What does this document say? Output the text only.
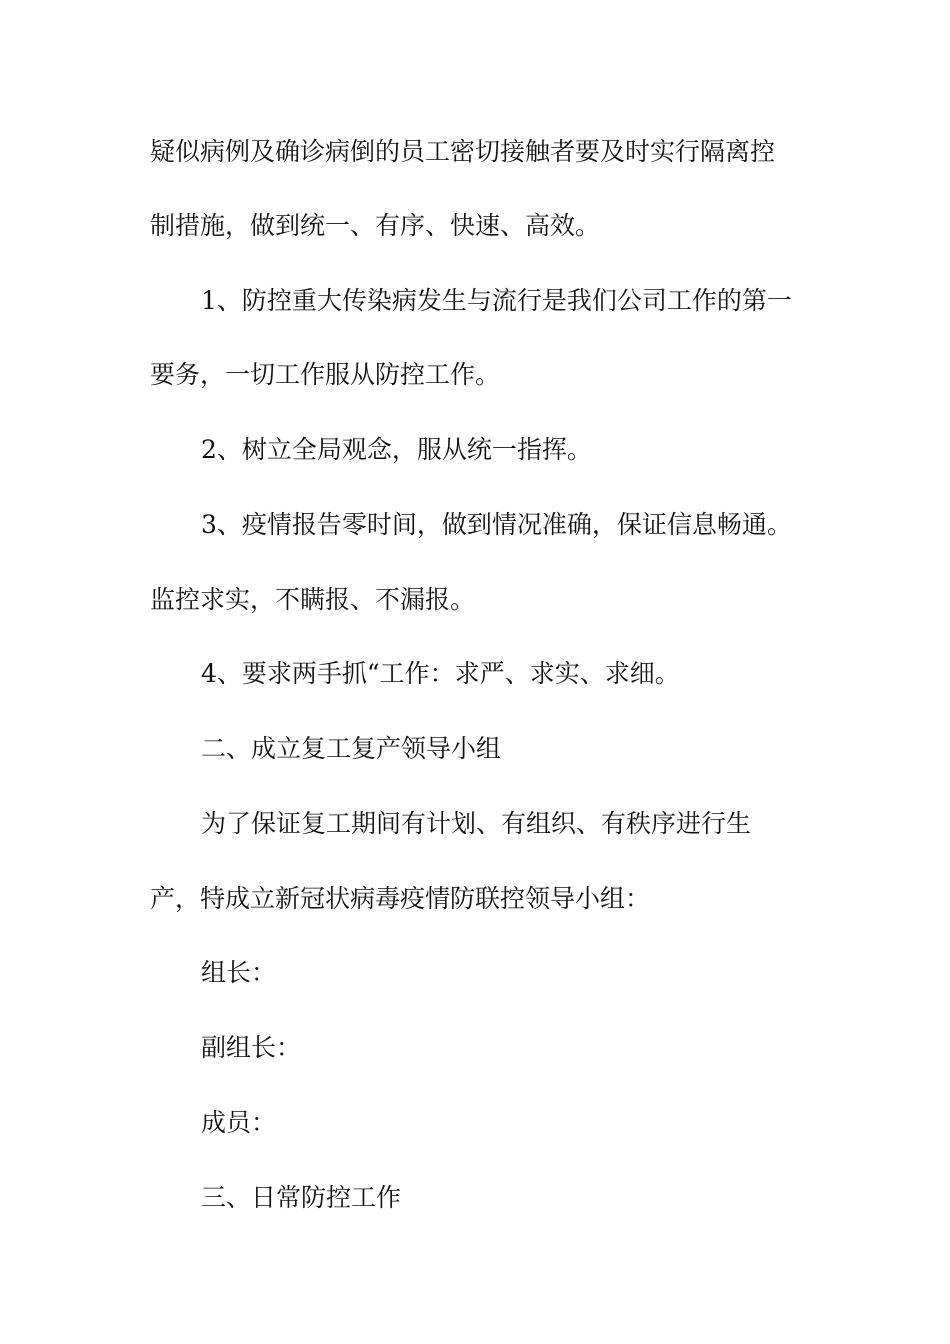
疑似病例及确诊病倒的员工密切接触者要及时实行隔离控

制措施，做到统一、有序、快速、高效。

1、防控重大传染病发生与流行是我们公司工作的第一

要务，一切工作服从防控工作。

2、树立全局观念，服从统一指挥。

3、疫情报告零时间，做到情况准确，保证信息畅通。

监控求实，不瞒报、不漏报。

4、要求两手抓“工作：求严、求实、求细。

二、成立复工复产领导小组

为了保证复工期间有计划、有组织、有秩序进行生

产，特成立新冠状病毒疫情防联控领导小组：

组长：

副组长：

成员：

三、日常防控工作
